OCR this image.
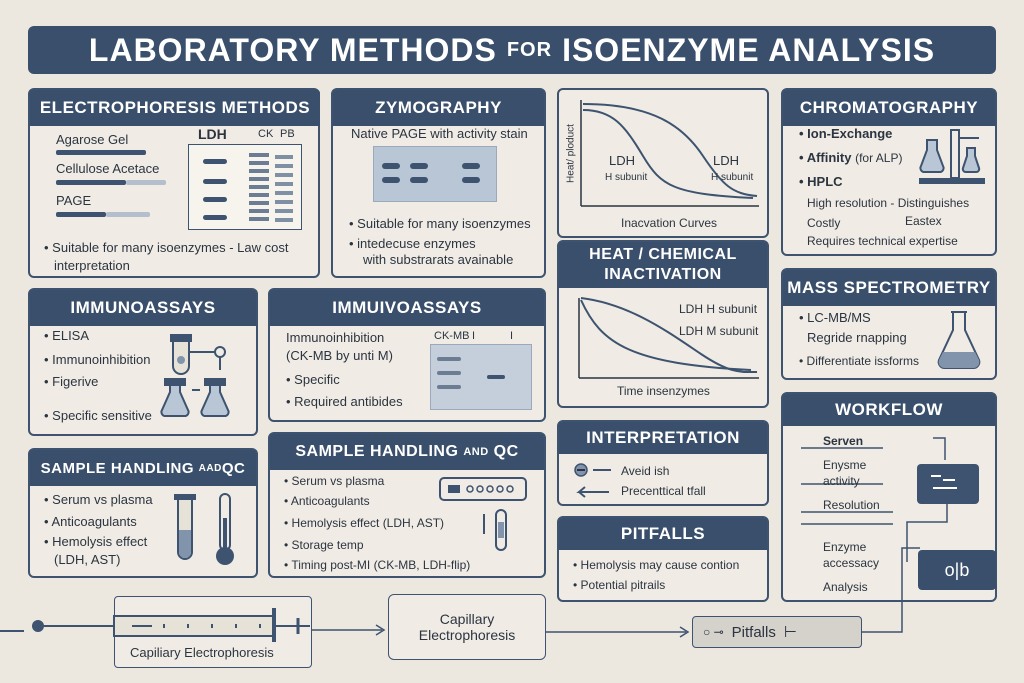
LABORATORY METHODS FOR ISOENZYME ANALYSIS
ELECTROPHORESIS METHODS
Agarose Gel
Cellulose Acetace
PAGE
LDH	CK PB
• Suitable for many isoenzymes - Law cost
interpretation
ZYMOGRAPHY
Native PAGE with activity stain
• Suitable for many isoenzymes
• intedecuse enzymes
with substrarats avainable
Heat/ ploduct	LDH
H subunit
LDH
H subunit
Inacvation Curves
HEAT / CHEMICAL INACTIVATION
LDH H subunit
LDH M subunit
Time insenzymes
CHROMATOGRAPHY
• Ion-Exchange
• Affinity (for ALP)
• HPLC
High resolution - Distinguishes
Costly	Eastex
Requires technical expertise
MASS SPECTROMETRY
• LC-MB/MS
Regride rnapping
• Differentiate issforms
IMMUNOASSAYS
• ELISA
• Immunoinhibition
• Figerive
• Specific sensitive
IMMUIVOASSAYS
Immunoinhibition
(CK-MB by unti M)
CK-MB I	I
• Specific
• Required antibides
SAMPLE HANDLING
AAD QC
• Serum vs plasma
• Anticoagulants
• Hemolysis effect
(LDH, AST)
SAMPLE HANDLING
AND
QC
• Serum vs plasma
• Anticoagulants
• Hemolysis effect (LDH, AST)
• Storage temp
• Timing post-MI (CK-MB, LDH-flip)
INTERPRETATION
Aveid ish
Precenttical tfall
PITFALLS
• Hemolysis may cause contion
• Potential pitrails
WORKFLOW
Serven
Enysme
activity
Resolution
Enzyme
accessacy
Analysis
Capiliary Electrophoresis
Capillary
Electrophoresis	○ ⊸ Pitfalls ⊢
o|b
